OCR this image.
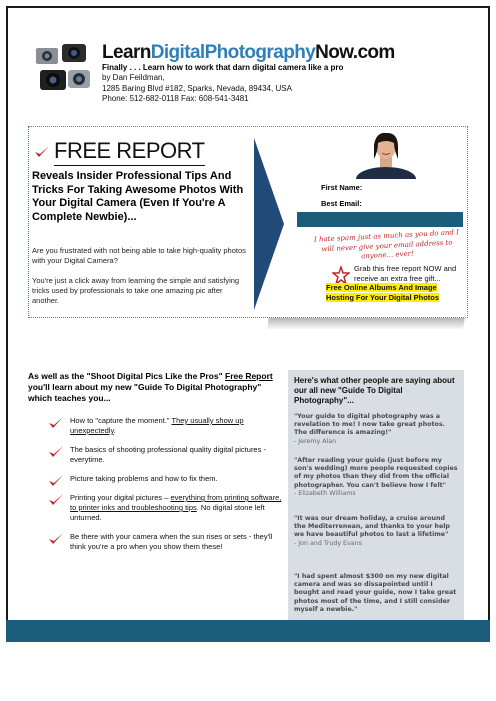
LearnDigitalPhotographyNow.com
Finally . . . Learn how to work that darn digital camera like a pro
by Dan Feildman,
1285 Baring Blvd #182, Sparks, Nevada, 89434, USA
Phone: 512-682-0118 Fax: 608-541-3481
FREE REPORT
Reveals Insider Professional Tips And Tricks For Taking Awesome Photos With Your Digital Camera (Even If You're A Complete Newbie)...
Are you frustrated with not being able to take high-quality photos with your Digital Camera?
You're just a click away from learning the simple and satisfying tricks used by professionals to take one amazing pic after another.
First Name:
Best Email:
I hate spam just as much as you do and I will never give your email address to anyone... ever!
Grab this free report NOW and receive an extra free gift...
Free Online Albums And Image Hosting For Your Digital Photos
As well as the "Shoot Digital Pics Like the Pros" Free Report you'll learn about my new "Guide To Digital Photography" which teaches you...
How to "capture the moment." They usually show up unexpectedly.
The basics of shooting professional quality digital pictures - everytime.
Picture taking problems and how to fix them.
Printing your digital pictures – everything from printing software, to printer inks and troubleshooting tips. No digital stone left unturned.
Be there with your camera when the sun rises or sets - they'll think you're a pro when you show them these!
Here's what other people are saying about our all new "Guide To Digital Photography"...
"Your guide to digital photography was a revelation to me! I now take great photos. The difference is amazing!"
- Jeremy Alan
"After reading your guide (just before my son's wedding) more people requested copies of my photos than they did from the official photographer. You can't believe how I felt"
- Elizabeth Williams
"It was our dream holiday, a cruise around the Mediterrenean, and thanks to your help we have beautiful photos to last a lifetime"
- Jon and Trudy Evans
"I had spent almost $300 on my new digital camera and was so dissapointed until I bought and read your guide, now I take great photos most of the time, and I still consider myself a newbie."
